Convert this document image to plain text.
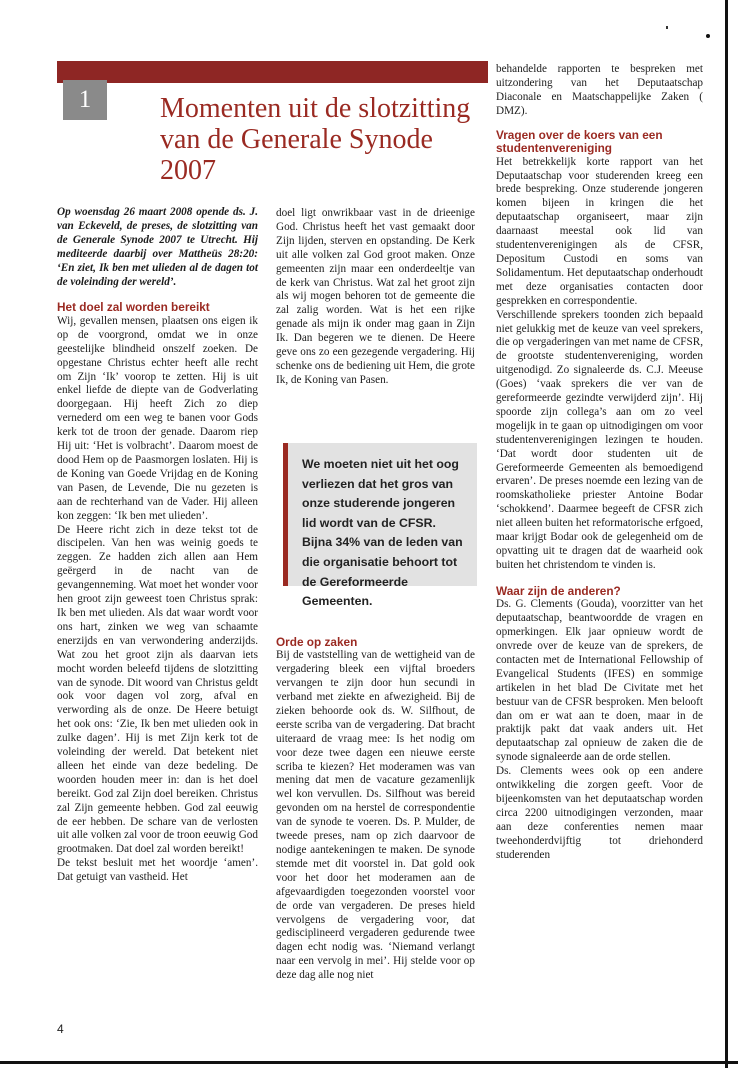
1	Momenten uit de slotzitting van de Generale Synode 2007

Op woensdag 26 maart 2008 opende ds. J. van Eckeveld, de preses, de slotzitting van de Generale Synode 2007 te Utrecht. Hij mediteerde daarbij over Mattheüs 28:20: ‘En ziet, Ik ben met ulieden al de dagen tot de voleinding der wereld’.

Het doel zal worden bereikt

Wij, gevallen mensen, plaatsen ons eigen ik op de voorgrond, omdat we in onze geestelijke blindheid onszelf zoeken. De opgestane Christus echter heeft alle recht om Zijn ‘Ik’ voorop te zetten. Hij is uit enkel liefde de diepte van de Godverlating doorgegaan. Hij heeft Zich zo diep vernederd om een weg te banen voor Gods kerk tot de troon der genade. Daarom riep Hij uit: ‘Het is volbracht’. Daarom moest de dood Hem op de Paasmorgen loslaten. Hij is de Koning van Goede Vrijdag en de Koning van Pasen, de Levende, Die nu gezeten is aan de rechterhand van de Vader. Hij alleen kon zeggen: ‘Ik ben met ulieden’.

De Heere richt zich in deze tekst tot de discipelen. Van hen was weinig goeds te zeggen. Ze hadden zich allen aan Hem geërgerd in de nacht van de gevangenneming. Wat moet het wonder voor hen groot zijn geweest toen Christus sprak: Ik ben met ulieden. Als dat waar wordt voor ons hart, zinken we weg van schaamte enerzijds en van verwondering anderzijds. Wat zou het groot zijn als daarvan iets mocht worden beleefd tijdens de slotzitting van de synode. Dit woord van Christus geldt ook voor dagen vol zorg, afval en verwording als de onze. De Heere betuigt het ook ons: ‘Zie, Ik ben met ulieden ook in zulke dagen’. Hij is met Zijn kerk tot de voleinding der wereld. Dat betekent niet alleen het einde van deze bedeling. De woorden houden meer in: dan is het doel bereikt. God zal Zijn doel bereiken. Christus zal Zijn gemeente hebben. God zal eeuwig de eer hebben. De schare van de verlosten uit alle volken zal voor de troon eeuwig God grootmaken. Dat doel zal worden bereikt!

De tekst besluit met het woordje ‘amen’. Dat getuigt van vastheid. Het

doel ligt onwrikbaar vast in de drieenige God. Christus heeft het vast gemaakt door Zijn lijden, sterven en opstanding. De Kerk uit alle volken zal God groot maken. Onze gemeenten zijn maar een onderdeeltje van de kerk van Christus. Wat zal het groot zijn als wij mogen behoren tot de gemeente die zal zalig worden. Wat is het een rijke genade als mijn ik onder mag gaan in Zijn Ik. Dan begeren we te dienen. De Heere geve ons zo een gezegende vergadering. Hij schenke ons de bediening uit Hem, die grote Ik, de Koning van Pasen.

Orde op zaken

Bij de vaststelling van de wettigheid van de vergadering bleek een vijftal broeders vervangen te zijn door hun secundi in verband met ziekte en afwezigheid. Bij de zieken behoorde ook ds. W. Silfhout, de eerste scriba van de vergadering. Dat bracht uiteraard de vraag mee: Is het nodig om voor deze twee dagen een nieuwe eerste scriba te kiezen? Het moderamen was van mening dat men de vacature gezamenlijk wel kon vervullen. Ds. Silfhout was bereid gevonden om na herstel de correspondentie van de synode te voeren. Ds. P. Mulder, de tweede preses, nam op zich daarvoor de nodige aantekeningen te maken. De synode stemde met dit voorstel in. Dat gold ook voor het door het moderamen aan de afgevaardigden toegezonden voorstel voor de orde van vergaderen. De preses hield vervolgens de vergadering voor, dat gedisciplineerd vergaderen gedurende twee dagen echt nodig was. ‘Niemand verlangt naar een vervolg in mei’. Hij stelde voor op deze dag alle nog niet

We moeten niet uit het oog verliezen dat het gros van onze studerende jongeren lid wordt van de CFSR. Bijna 34% van de leden van die organisatie behoort tot de Gereformeerde Gemeenten.

behandelde rapporten te bespreken met uitzondering van het Deputaatschap Diaconale en Maatschappelijke Zaken ( DMZ).

Vragen over de koers van een studentenvereniging

Het betrekkelijk korte rapport van het Deputaatschap voor studerenden kreeg een brede bespreking. Onze studerende jongeren komen bijeen in kringen die het deputaatschap organiseert, maar zijn daarnaast meestal ook lid van studentenverenigingen als de CFSR, Depositum Custodi en soms van Solidamentum. Het deputaatschap onderhoudt met deze organisaties contacten door gesprekken en correspondentie.

Verschillende sprekers toonden zich bepaald niet gelukkig met de keuze van veel sprekers, die op vergaderingen van met name de CFSR, de grootste studentenvereniging, worden uitgenodigd. Zo signaleerde ds. C.J. Meeuse (Goes) ‘vaak sprekers die ver van de gereformeerde gezindte verwijderd zijn’. Hij spoorde zijn collega’s aan om zo veel mogelijk in te gaan op uitnodigingen om voor studentenverenigingen lezingen te houden. ‘Dat wordt door studenten uit de Gereformeerde Gemeenten als bemoedigend ervaren’. De preses noemde een lezing van de roomskatholieke priester Antoine Bodar ‘schokkend’. Daarmee begeeft de CFSR zich niet alleen buiten het reformatorische erfgoed, maar krijgt Bodar ook de gelegenheid om de opvatting uit te dragen dat de waarheid ook buiten het christendom te vinden is.

Waar zijn de anderen?

Ds. G. Clements (Gouda), voorzitter van het deputaatschap, beantwoordde de vragen en opmerkingen. Elk jaar opnieuw wordt de onvrede over de keuze van de sprekers, de contacten met de International Fellowship of Evangelical Students (IFES) en sommige artikelen in het blad De Civitate met het bestuur van de CFSR besproken. Men belooft dan om er wat aan te doen, maar in de praktijk pakt dat vaak anders uit. Het deputaatschap zal opnieuw de zaken die de synode signaleerde aan de orde stellen.

Ds. Clements wees ook op een andere ontwikkeling die zorgen geeft. Voor de bijeenkomsten van het deputaatschap worden circa 2200 uitnodigingen verzonden, maar aan deze conferenties nemen maar tweehonderdvijftig tot driehonderd studerenden

4
